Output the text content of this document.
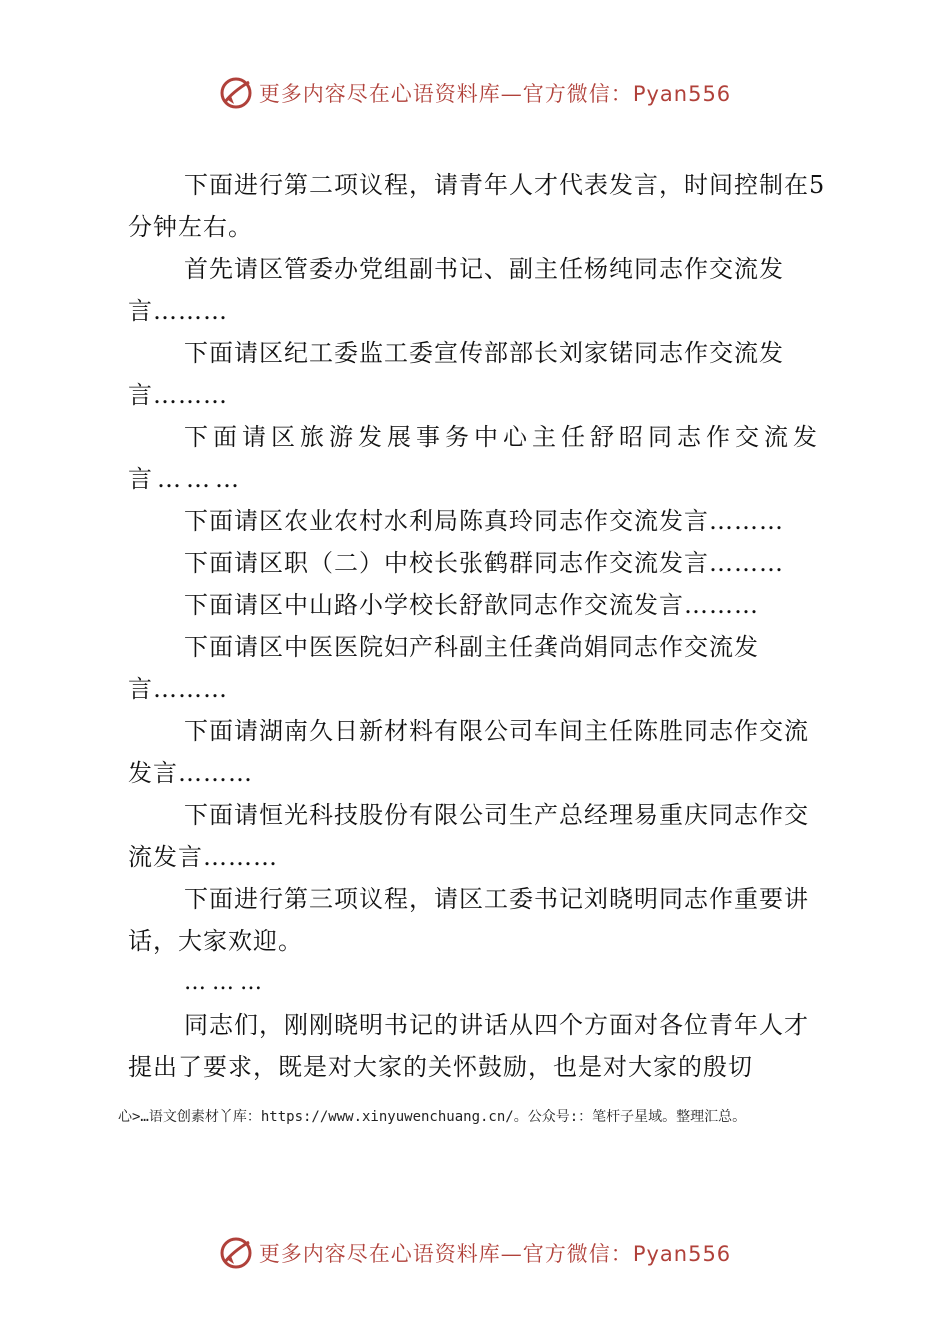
更多内容尽在心语资料库—官方微信：Pyan556

下面进行第二项议程，请青年人才代表发言，时间控制在5分钟左右。

首先请区管委办党组副书记、副主任杨纯同志作交流发言………

下面请区纪工委监工委宣传部部长刘家锘同志作交流发言………

下面请区旅游发展事务中心主任舒昭同志作交流发言………

下面请区农业农村水利局陈真玲同志作交流发言………

下面请区职（二）中校长张鹤群同志作交流发言………

下面请区中山路小学校长舒歆同志作交流发言………

下面请区中医医院妇产科副主任龚尚娟同志作交流发言………

下面请湖南久日新材料有限公司车间主任陈胜同志作交流发言………

下面请恒光科技股份有限公司生产总经理易重庆同志作交流发言………

下面进行第三项议程，请区工委书记刘晓明同志作重要讲话，大家欢迎。

………

同志们，刚刚晓明书记的讲话从四个方面对各位青年人才提出了要求，既是对大家的关怀鼓励，也是对大家的殷切

心>…语文创素材丫库：https://www.xinyuwenchuang.cn/。公众号:：笔杆子星域。整理汇总。
更多内容尽在心语资料库—官方微信：Pyan556
